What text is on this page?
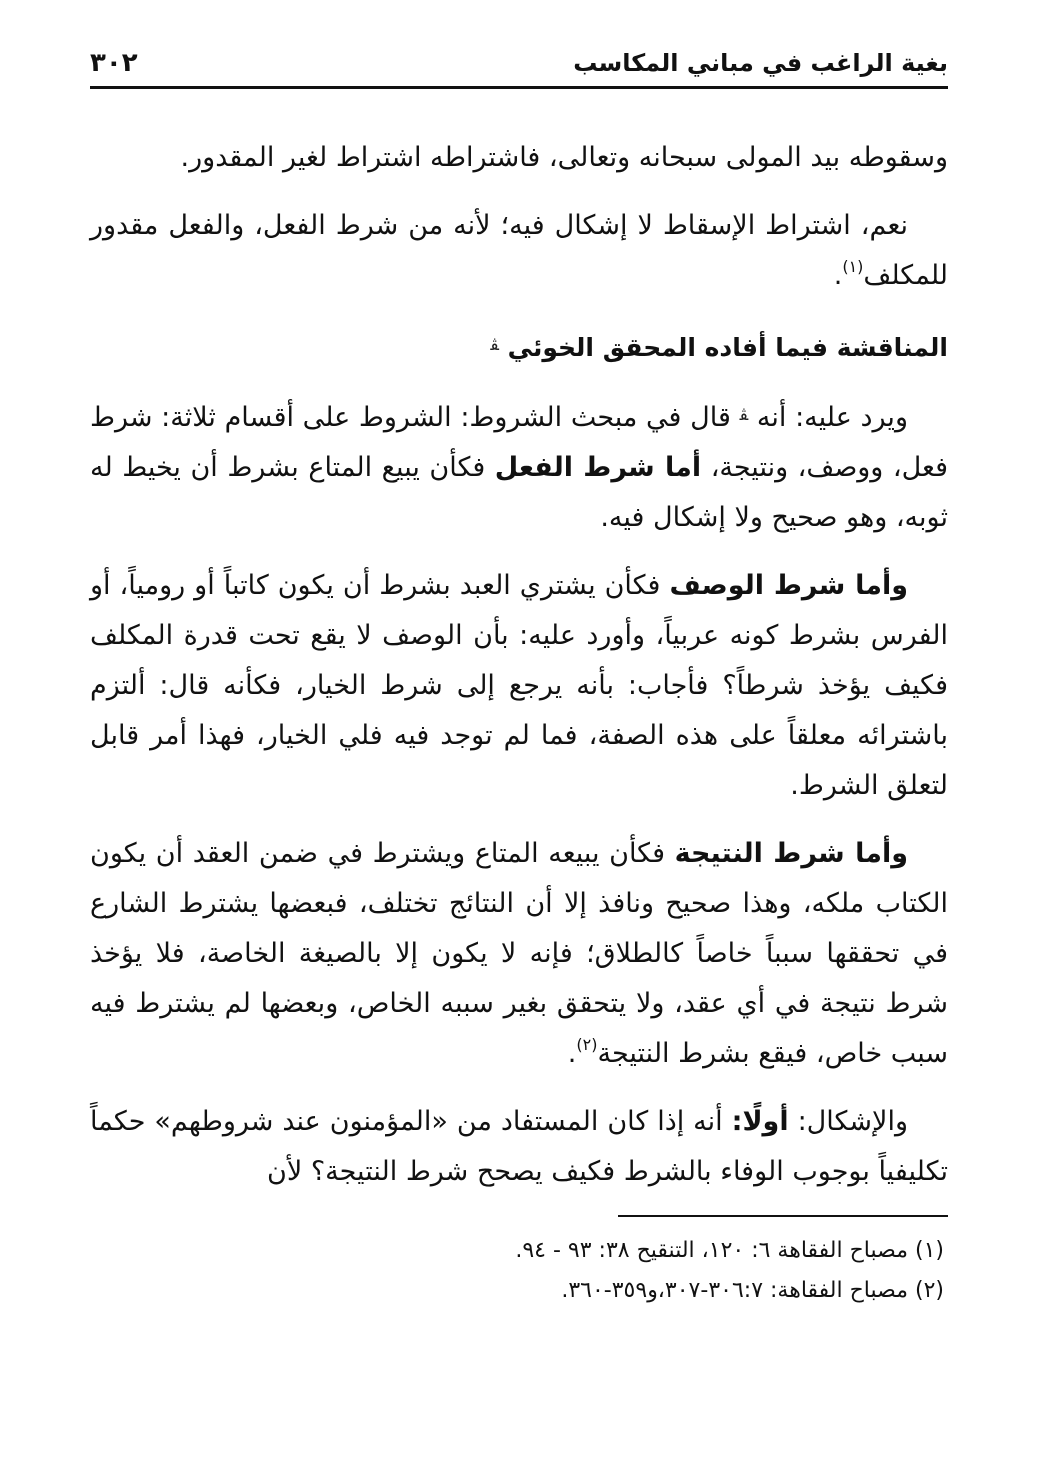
بغية الراغب في مباني المكاسب
٣٠٢

وسقوطه بيد المولى سبحانه وتعالى، فاشتراطه اشتراط لغير المقدور.

نعم، اشتراط الإسقاط لا إشكال فيه؛ لأنه من شرط الفعل، والفعل مقدور للمكلف$^{(١)}$.

المناقشة فيما أفاده المحقق الخوئي $^ﭭ$

ويرد عليه: أنه $^ﭭ$ قال في مبحث الشروط: الشروط على أقسام ثلاثة: شرط فعل، ووصف، ونتيجة، أما شرط الفعل فكأن يبيع المتاع بشرط أن يخيط له ثوبه، وهو صحيح ولا إشكال فيه.

وأما شرط الوصف فكأن يشتري العبد بشرط أن يكون كاتباً أو رومياً، أو الفرس بشرط كونه عربياً، وأورد عليه: بأن الوصف لا يقع تحت قدرة المكلف فكيف يؤخذ شرطاً؟ فأجاب: بأنه يرجع إلى شرط الخيار، فكأنه قال: ألتزم باشترائه معلقاً على هذه الصفة، فما لم توجد فيه فلي الخيار، فهذا أمر قابل لتعلق الشرط.

وأما شرط النتيجة فكأن يبيعه المتاع ويشترط في ضمن العقد أن يكون الكتاب ملكه، وهذا صحيح ونافذ إلا أن النتائج تختلف، فبعضها يشترط الشارع في تحققها سبباً خاصاً كالطلاق؛ فإنه لا يكون إلا بالصيغة الخاصة، فلا يؤخذ شرط نتيجة في أي عقد، ولا يتحقق بغير سببه الخاص، وبعضها لم يشترط فيه سبب خاص، فيقع بشرط النتيجة$^{(٢)}$.

والإشكال: أولًا: أنه إذا كان المستفاد من «المؤمنون عند شروطهم» حكماً تكليفياً بوجوب الوفاء بالشرط فكيف يصحح شرط النتيجة؟ لأن

(١) مصباح الفقاهة ٦: ١٢٠، التنقيح ٣٨: ٩٣ - ٩٤.
(٢) مصباح الفقاهة: ٣٠٦:٧-٣٠٧،و٣٥٩-٣٦٠.
